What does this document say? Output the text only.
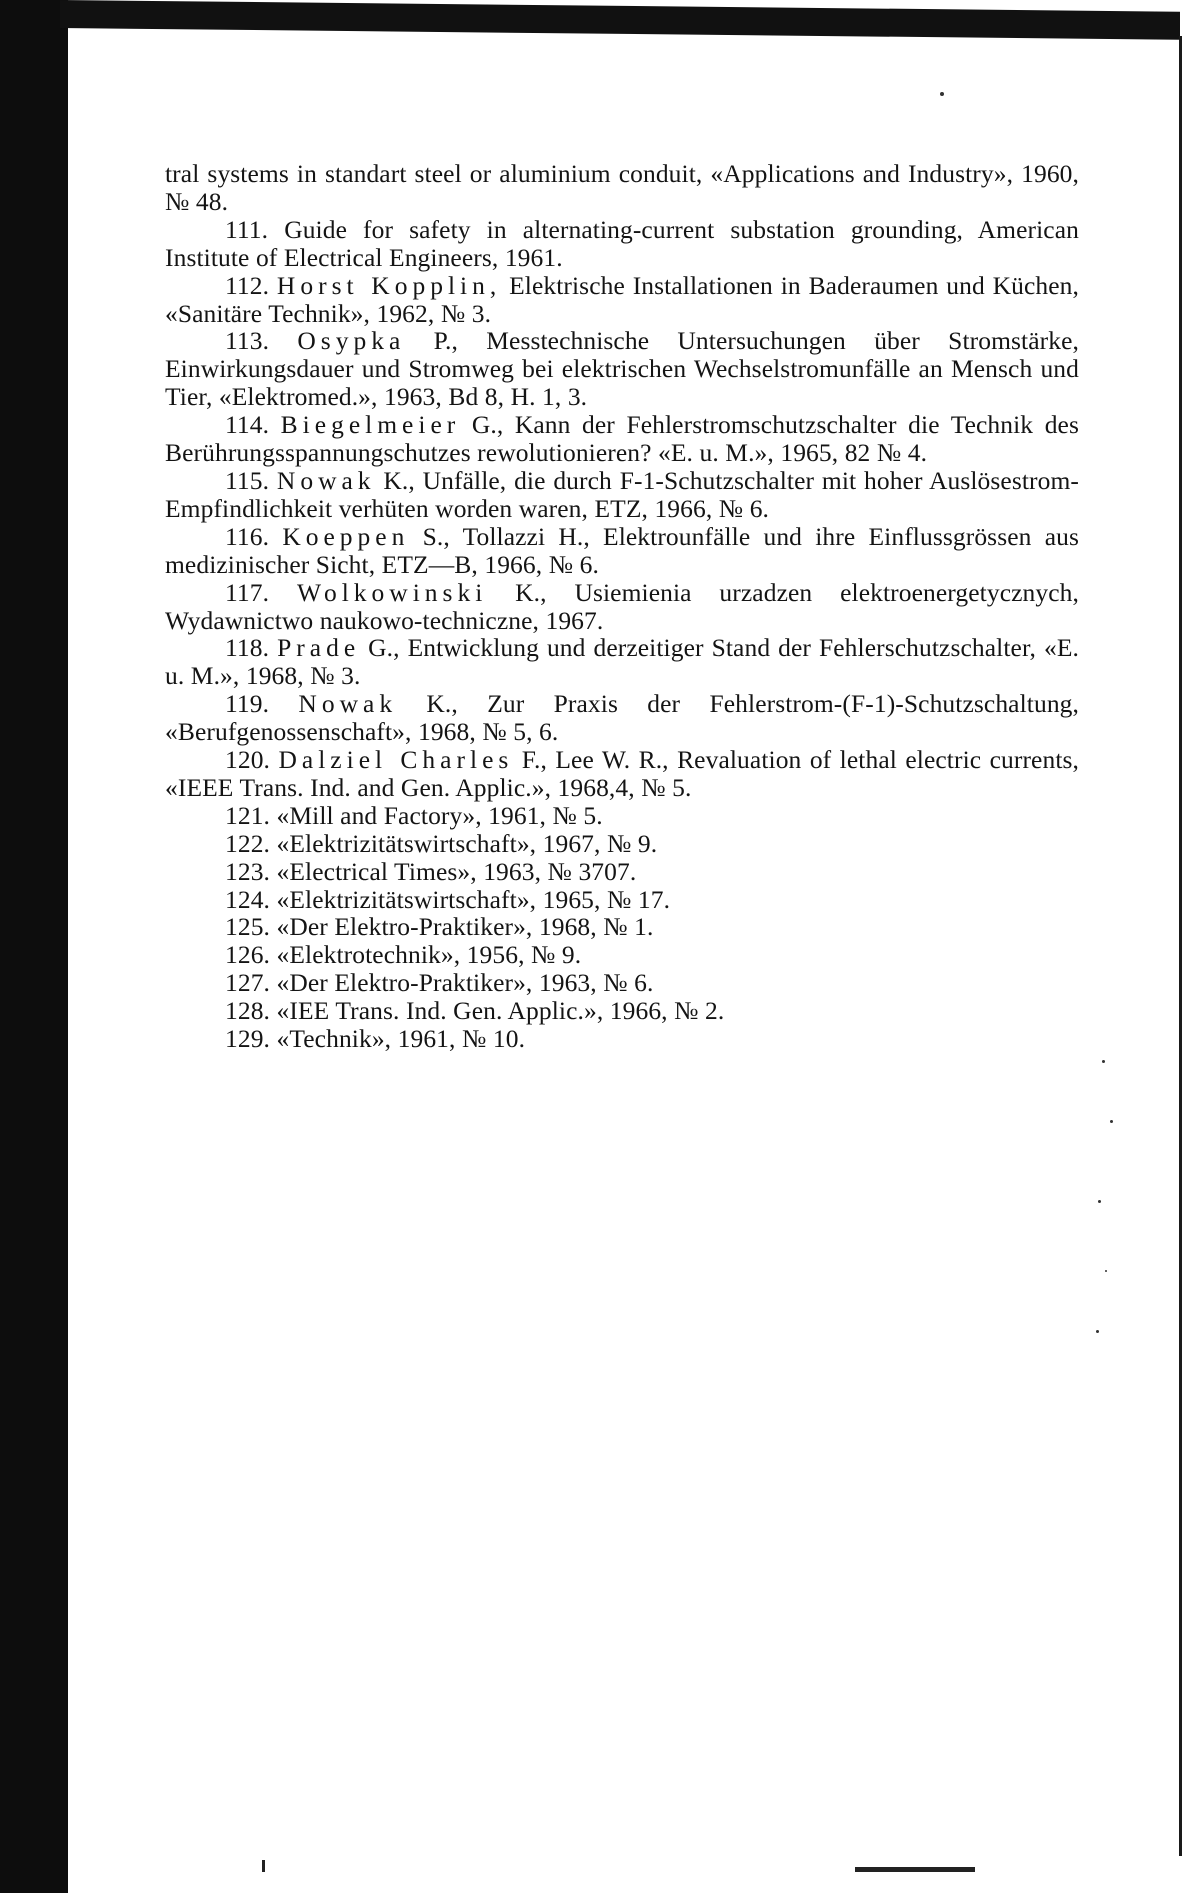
tral systems in standart steel or aluminium conduit, «Applications and Industry», 1960, № 48.

111. Guide for safety in alternating-current substation grounding, American Institute of Electrical Engineers, 1961.

112. Horst Kopplin, Elektrische Installationen in Baderaumen und Küchen, «Sanitäre Technik», 1962, № 3.

113. Osypka P., Messtechnische Untersuchungen über Stromstärke, Einwirkungsdauer und Stromweg bei elektrischen Wechselstromunfälle an Mensch und Tier, «Elektromed.», 1963, Bd 8, H. 1, 3.

114. Biegelmeier G., Kann der Fehlerstromschutzschalter die Technik des Berührungsspannungschutzes rewolutionieren? «E. u. M.», 1965, 82 № 4.

115. Nowak K., Unfälle, die durch F-1-Schutzschalter mit hoher Auslösestrom-Empfindlichkeit verhüten worden waren, ETZ, 1966, № 6.

116. Koeppen S., Tollazzi H., Elektrounfälle und ihre Einflussgrössen aus medizinischer Sicht, ETZ—B, 1966, № 6.

117. Wolkowinski K., Usiemienia urzadzen elektroenergetycznych, Wydawnictwo naukowo-techniczne, 1967.

118. Prade G., Entwicklung und derzeitiger Stand der Fehlerschutzschalter, «E. u. M.», 1968, № 3.

119. Nowak K., Zur Praxis der Fehlerstrom-(F-1)-Schutzschaltung, «Berufgenossenschaft», 1968, № 5, 6.

120. Dalziel Charles F., Lee W. R., Revaluation of lethal electric currents, «IEEE Trans. Ind. and Gen. Applic.», 1968,4, № 5.

121. «Mill and Factory», 1961, № 5.

122. «Elektrizitätswirtschaft», 1967, № 9.

123. «Electrical Times», 1963, № 3707.

124. «Elektrizitätswirtschaft», 1965, № 17.

125. «Der Elektro-Praktiker», 1968, № 1.

126. «Elektrotechnik», 1956, № 9.

127. «Der Elektro-Praktiker», 1963, № 6.

128. «IEE Trans. Ind. Gen. Applic.», 1966, № 2.

129. «Technik», 1961, № 10.
